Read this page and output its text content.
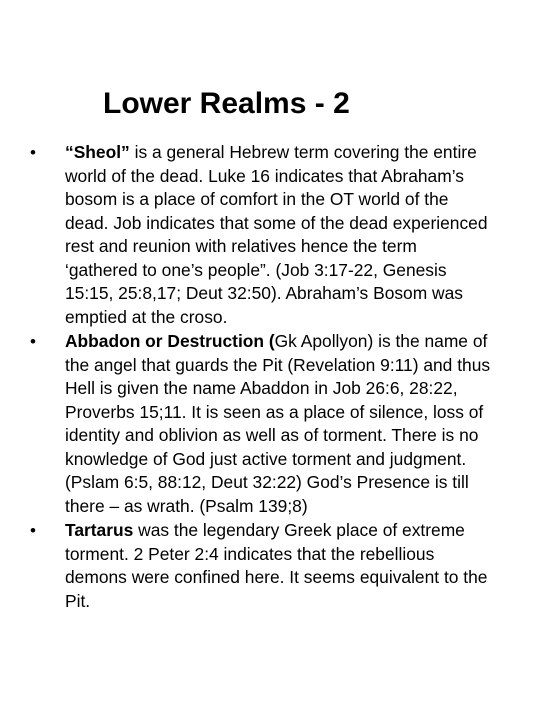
Lower Realms - 2
•	“Sheol” is a general Hebrew term covering the entire world of the dead. Luke 16 indicates that Abraham’s bosom is a place of comfort in the OT world of the dead. Job indicates that some of the dead experienced rest and reunion with relatives hence the term ‘gathered to one’s people”. (Job 3:17-22, Genesis 15:15, 25:8,17; Deut 32:50). Abraham’s Bosom was emptied at the croso.
•	Abbadon or Destruction (Gk Apollyon) is the name of the angel that guards the Pit (Revelation 9:11) and thus Hell is given the name Abaddon in Job 26:6, 28:22, Proverbs 15;11. It is seen as a place of silence, loss of identity and oblivion as well as of torment. There is no knowledge of God just active torment and judgment. (Pslam 6:5, 88:12, Deut 32:22) God’s Presence is till there – as wrath. (Psalm 139;8)
•	Tartarus was the legendary Greek place of extreme torment. 2 Peter 2:4 indicates that the rebellious demons were confined here. It seems equivalent to the Pit.
